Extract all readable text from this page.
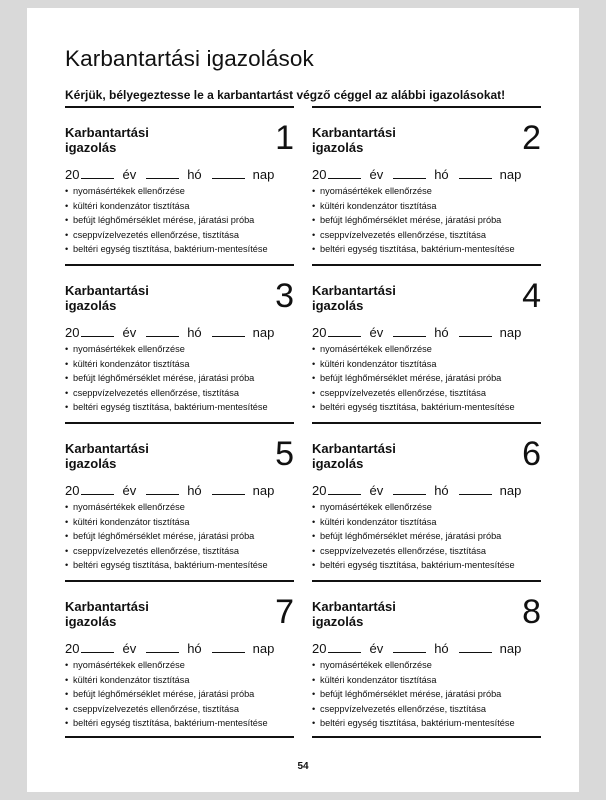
Karbantartási igazolások

Kérjük, bélyegeztesse le a karbantartást végző céggel az alábbi igazolásokat!

Karbantartási
igazolás	1
20	év	hó	nap
• nyomásértékek ellenőrzése
• kültéri kondenzátor tisztítása
• befújt léghőmérséklet mérése, járatási próba
• cseppvízelvezetés ellenőrzése, tisztítása
• beltéri egység tisztítása, baktérium-mentesítése
Karbantartási
igazolás	2
20	év	hó	nap
• nyomásértékek ellenőrzése
• kültéri kondenzátor tisztítása
• befújt léghőmérséklet mérése, járatási próba
• cseppvízelvezetés ellenőrzése, tisztítása
• beltéri egység tisztítása, baktérium-mentesítése
Karbantartási
igazolás	3
20	év	hó	nap
• nyomásértékek ellenőrzése
• kültéri kondenzátor tisztítása
• befújt léghőmérséklet mérése, járatási próba
• cseppvízelvezetés ellenőrzése, tisztítása
• beltéri egység tisztítása, baktérium-mentesítése
Karbantartási
igazolás	4
20	év	hó	nap
• nyomásértékek ellenőrzése
• kültéri kondenzátor tisztítása
• befújt léghőmérséklet mérése, járatási próba
• cseppvízelvezetés ellenőrzése, tisztítása
• beltéri egység tisztítása, baktérium-mentesítése
Karbantartási
igazolás	5
20	év	hó	nap
• nyomásértékek ellenőrzése
• kültéri kondenzátor tisztítása
• befújt léghőmérséklet mérése, járatási próba
• cseppvízelvezetés ellenőrzése, tisztítása
• beltéri egység tisztítása, baktérium-mentesítése
Karbantartási
igazolás	6
20	év	hó	nap
• nyomásértékek ellenőrzése
• kültéri kondenzátor tisztítása
• befújt léghőmérséklet mérése, járatási próba
• cseppvízelvezetés ellenőrzése, tisztítása
• beltéri egység tisztítása, baktérium-mentesítése
Karbantartási
igazolás	7
20	év	hó	nap
• nyomásértékek ellenőrzése
• kültéri kondenzátor tisztítása
• befújt léghőmérséklet mérése, járatási próba
• cseppvízelvezetés ellenőrzése, tisztítása
• beltéri egység tisztítása, baktérium-mentesítése
Karbantartási
igazolás	8
20	év	hó	nap
• nyomásértékek ellenőrzése
• kültéri kondenzátor tisztítása
• befújt léghőmérséklet mérése, járatási próba
• cseppvízelvezetés ellenőrzése, tisztítása
• beltéri egység tisztítása, baktérium-mentesítése
54
